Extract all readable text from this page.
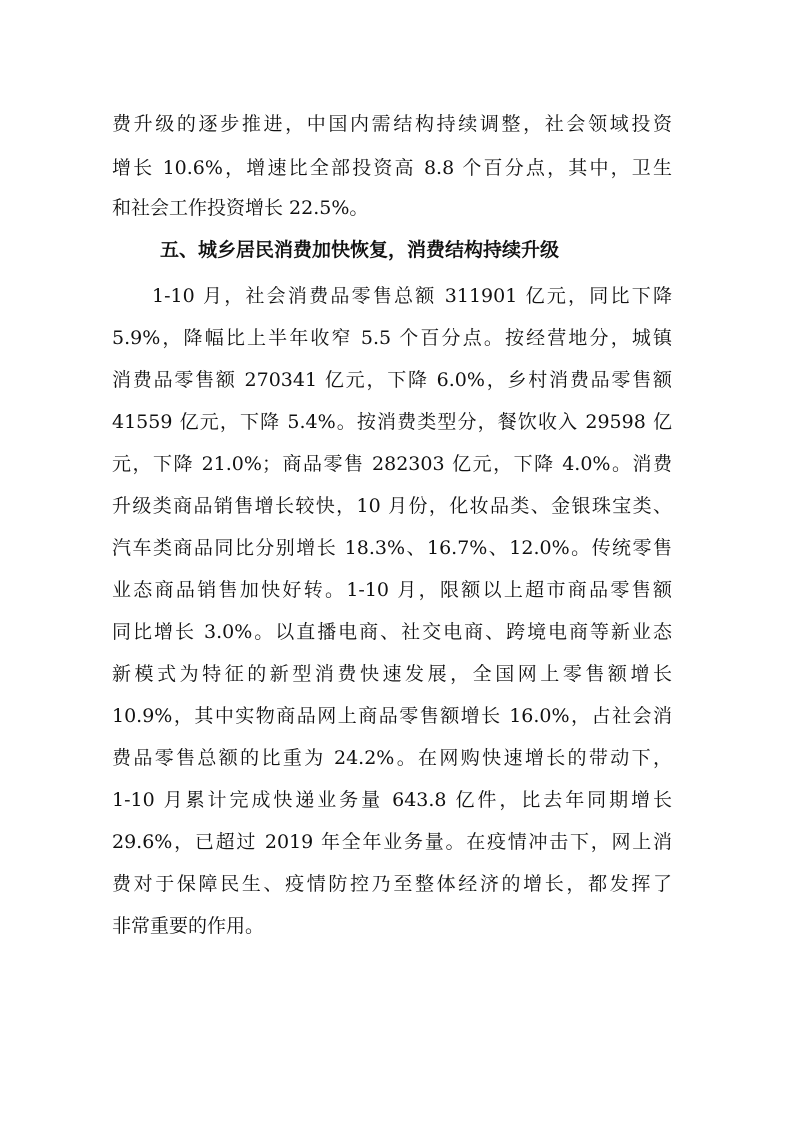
费升级的逐步推进，中国内需结构持续调整，社会领域投资
增长 10.6%，增速比全部投资高 8.8 个百分点，其中，卫生
和社会工作投资增长 22.5%。
五、城乡居民消费加快恢复，消费结构持续升级
1-10 月，社会消费品零售总额 311901 亿元，同比下降
5.9%，降幅比上半年收窄 5.5 个百分点。按经营地分，城镇
消费品零售额 270341 亿元，下降 6.0%，乡村消费品零售额
41559 亿元，下降 5.4%。按消费类型分，餐饮收入 29598 亿
元，下降 21.0%；商品零售 282303 亿元，下降 4.0%。消费
升级类商品销售增长较快，10 月份，化妆品类、金银珠宝类、
汽车类商品同比分别增长 18.3%、16.7%、12.0%。传统零售
业态商品销售加快好转。1-10 月，限额以上超市商品零售额
同比增长 3.0%。以直播电商、社交电商、跨境电商等新业态
新模式为特征的新型消费快速发展，全国网上零售额增长
10.9%，其中实物商品网上商品零售额增长 16.0%，占社会消
费品零售总额的比重为 24.2%。在网购快速增长的带动下，
1-10 月累计完成快递业务量 643.8 亿件，比去年同期增长
29.6%，已超过 2019 年全年业务量。在疫情冲击下，网上消
费对于保障民生、疫情防控乃至整体经济的增长，都发挥了
非常重要的作用。
